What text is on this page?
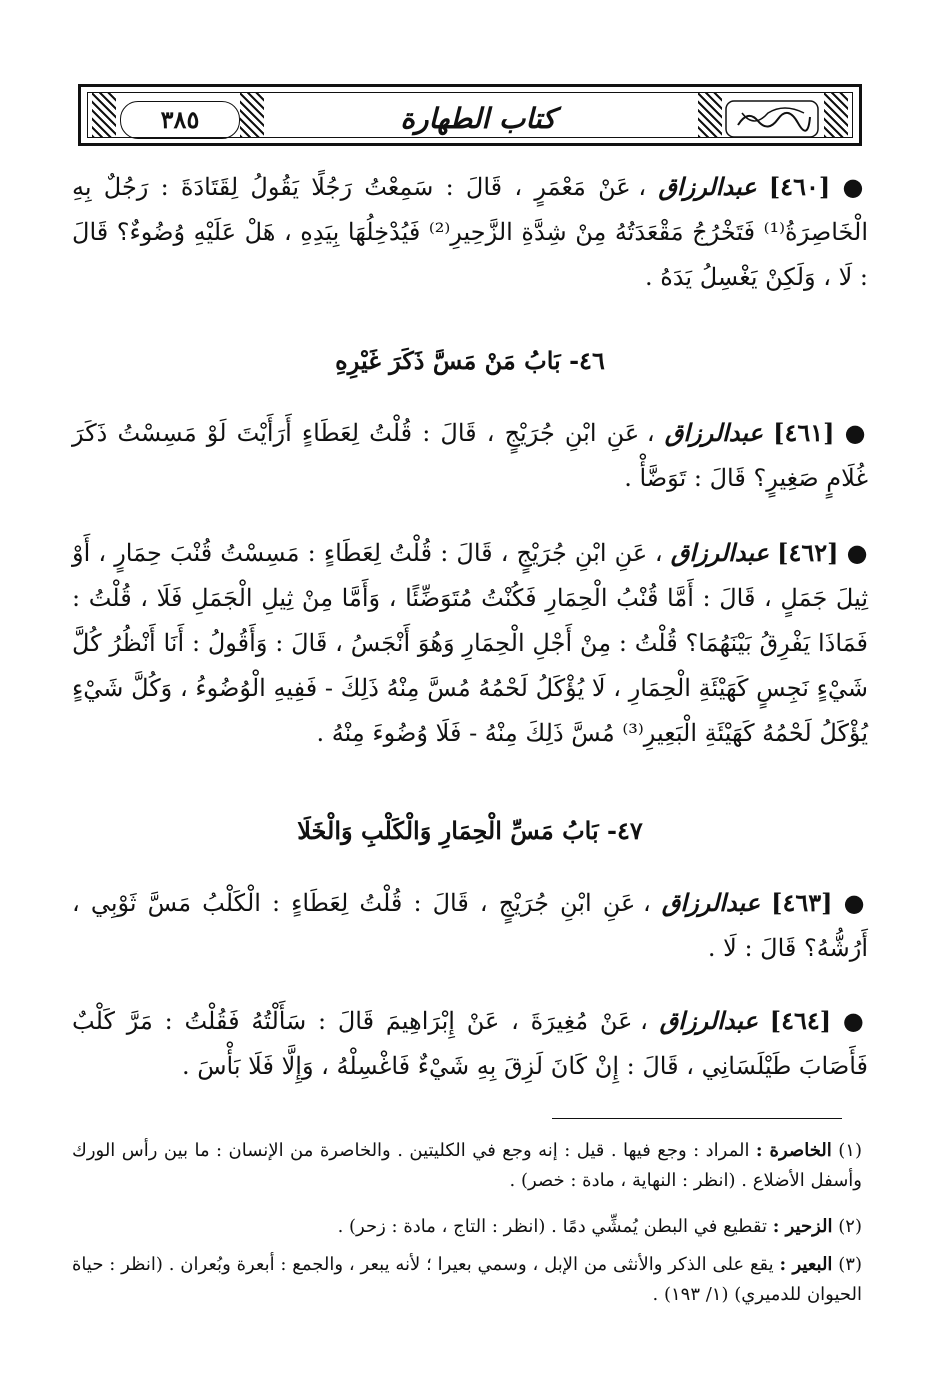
٣٨٥	كتاب الطهارة
● [٤٦٠] عبدالرزاق ، عَنْ مَعْمَرٍ ، قَالَ : سَمِعْتُ رَجُلًا يَقُولُ لِقَتَادَةَ : رَجُلٌ بِهِ الْخَاصِرَةُ⁽¹⁾ فَتَخْرُجُ مَقْعَدَتُهُ مِنْ شِدَّةِ الزَّحِيرِ⁽²⁾ فَيُدْخِلُهَا بِيَدِهِ ، هَلْ عَلَيْهِ وُضُوءٌ؟ قَالَ : لَا ، وَلَكِنْ يَغْسِلُ يَدَهُ .
٤٦- بَابُ مَنْ مَسَّ ذَكَرَ غَيْرِهِ
● [٤٦١] عبدالرزاق ، عَنِ ابْنِ جُرَيْجٍ ، قَالَ : قُلْتُ لِعَطَاءٍ أَرَأَيْتَ لَوْ مَسِسْتُ ذَكَرَ غُلَامٍ صَغِيرٍ؟ قَالَ : تَوَضَّأْ .
● [٤٦٢] عبدالرزاق ، عَنِ ابْنِ جُرَيْجٍ ، قَالَ : قُلْتُ لِعَطَاءٍ : مَسِسْتُ قُنْبَ حِمَارٍ ، أَوْ ثِيلَ جَمَلٍ ، قَالَ : أَمَّا قُنْبُ الْحِمَارِ فَكُنْتُ مُتَوَضِّئًا ، وَأَمَّا مِنْ ثِيلِ الْجَمَلِ فَلَا ، قُلْتُ : فَمَاذَا يَفْرِقُ بَيْنَهُمَا؟ قُلْتُ : مِنْ أَجْلِ الْحِمَارِ وَهُوَ أَنْجَسُ ، قَالَ : وَأَقُولُ : أَنَا أَنْظُرُ كُلَّ شَيْءٍ نَجِسٍ كَهَيْئَةِ الْحِمَارِ ، لَا يُؤْكَلُ لَحْمُهُ مُسَّ مِنْهُ ذَلِكَ - فَفِيهِ الْوُضُوءُ ، وَكُلَّ شَيْءٍ يُؤْكَلُ لَحْمُهُ كَهَيْئَةِ الْبَعِيرِ⁽³⁾ مُسَّ ذَلِكَ مِنْهُ - فَلَا وُضُوءَ مِنْهُ .
٤٧- بَابُ مَسِّ الْحِمَارِ وَالْكَلْبِ وَالْخَلَا
● [٤٦٣] عبدالرزاق ، عَنِ ابْنِ جُرَيْجٍ ، قَالَ : قُلْتُ لِعَطَاءٍ : الْكَلْبُ مَسَّ ثَوْبِي ، أَرُشُّهُ؟ قَالَ : لَا .
● [٤٦٤] عبدالرزاق ، عَنْ مُغِيرَةَ ، عَنْ إِبْرَاهِيمَ قَالَ : سَأَلْتُهُ فَقُلْتُ : مَرَّ كَلْبٌ فَأَصَابَ طَيْلَسَانِي ، قَالَ : إِنْ كَانَ لَزِقَ بِهِ شَيْءٌ فَاغْسِلْهُ ، وَإِلَّا فَلَا بَأْسَ .
(١) الخاصرة : المراد : وجع فيها . قيل : إنه وجع في الكليتين . والخاصرة من الإنسان : ما بين رأس الورك وأسفل الأضلاع . (انظر : النهاية ، مادة : خصر) .
(٢) الزحير : تقطيع في البطن يُمشِّي دمًا . (انظر : التاج ، مادة : زحر) .
(٣) البعير : يقع على الذكر والأنثى من الإبل ، وسمي بعيرا ؛ لأنه يبعر ، والجمع : أبعرة وبُعران . (انظر : حياة الحيوان للدميري) (١/ ١٩٣) .
